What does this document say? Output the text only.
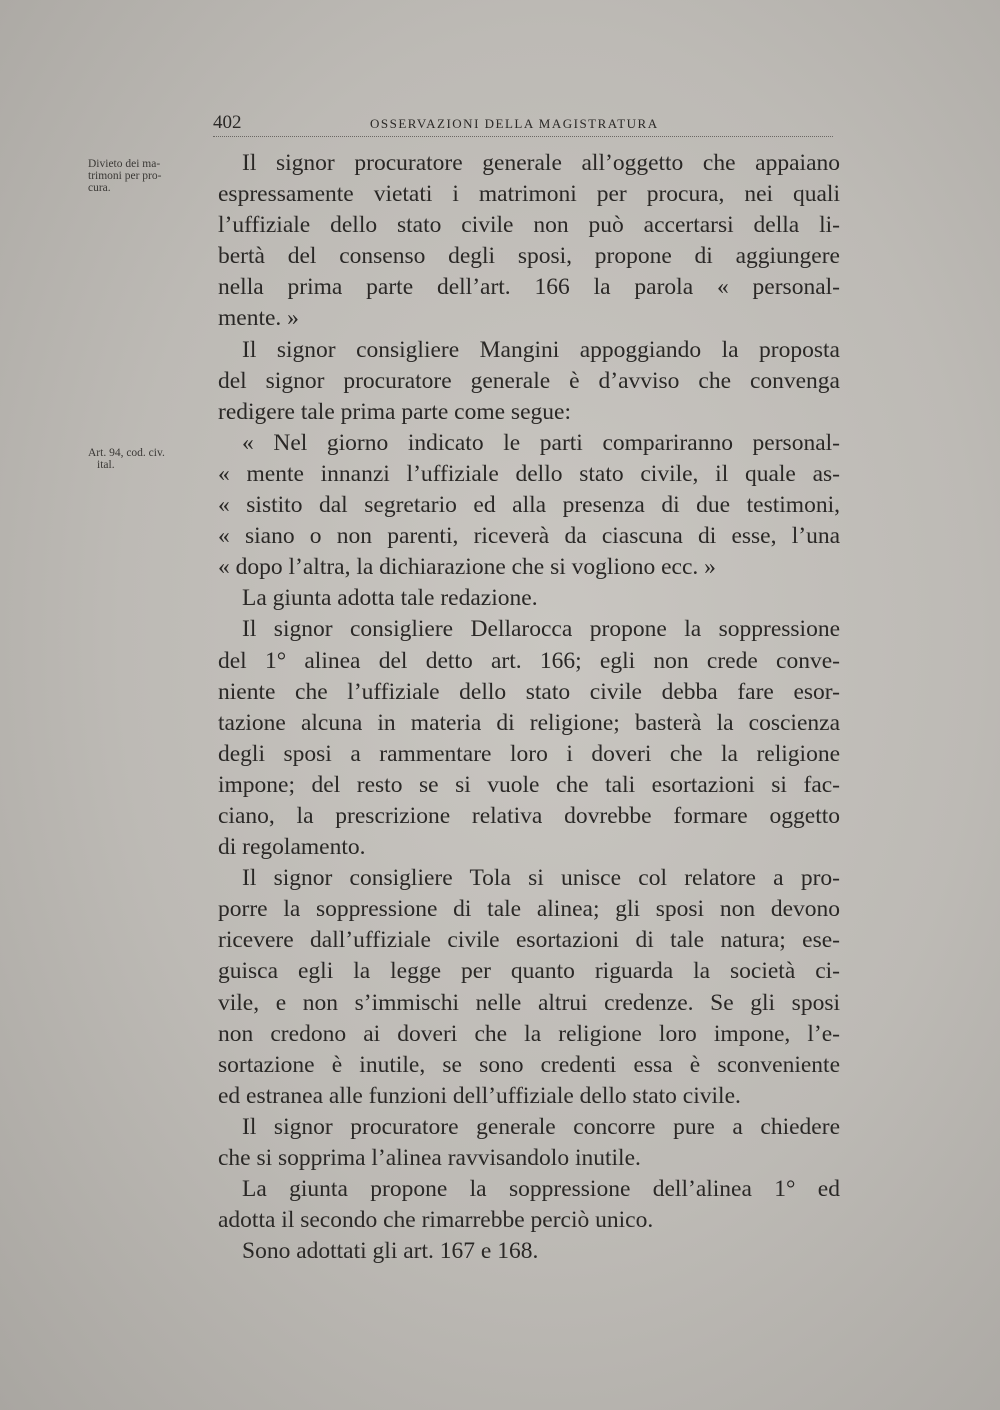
402	OSSERVAZIONI DELLA MAGISTRATURA
Divieto dei ma-
trimoni per pro-
cura.
Art. 94, cod. civ.
ital.
Il signor procuratore generale all’oggetto che appaiano
espressamente vietati i matrimoni per procura, nei quali
l’uffiziale dello stato civile non può accertarsi della li-
bertà del consenso degli sposi, propone di aggiungere
nella prima parte dell’art. 166 la parola « personal-
mente. »
Il signor consigliere Mangini appoggiando la proposta
del signor procuratore generale è d’avviso che convenga
redigere tale prima parte come segue:
« Nel giorno indicato le parti compariranno personal-
« mente innanzi l’uffiziale dello stato civile, il quale as-
« sistito dal segretario ed alla presenza di due testimoni,
« siano o non parenti, riceverà da ciascuna di esse, l’una
« dopo l’altra, la dichiarazione che si vogliono ecc. »
La giunta adotta tale redazione.
Il signor consigliere Dellarocca propone la soppressione
del 1° alinea del detto art. 166; egli non crede conve-
niente che l’uffiziale dello stato civile debba fare esor-
tazione alcuna in materia di religione; basterà la coscienza
degli sposi a rammentare loro i doveri che la religione
impone; del resto se si vuole che tali esortazioni si fac-
ciano, la prescrizione relativa dovrebbe formare oggetto
di regolamento.
Il signor consigliere Tola si unisce col relatore a pro-
porre la soppressione di tale alinea; gli sposi non devono
ricevere dall’uffiziale civile esortazioni di tale natura; ese-
guisca egli la legge per quanto riguarda la società ci-
vile, e non s’immischi nelle altrui credenze. Se gli sposi
non credono ai doveri che la religione loro impone, l’e-
sortazione è inutile, se sono credenti essa è sconveniente
ed estranea alle funzioni dell’uffiziale dello stato civile.
Il signor procuratore generale concorre pure a chiedere
che si sopprima l’alinea ravvisandolo inutile.
La giunta propone la soppressione dell’alinea 1° ed
adotta il secondo che rimarrebbe perciò unico.
Sono adottati gli art. 167 e 168.
